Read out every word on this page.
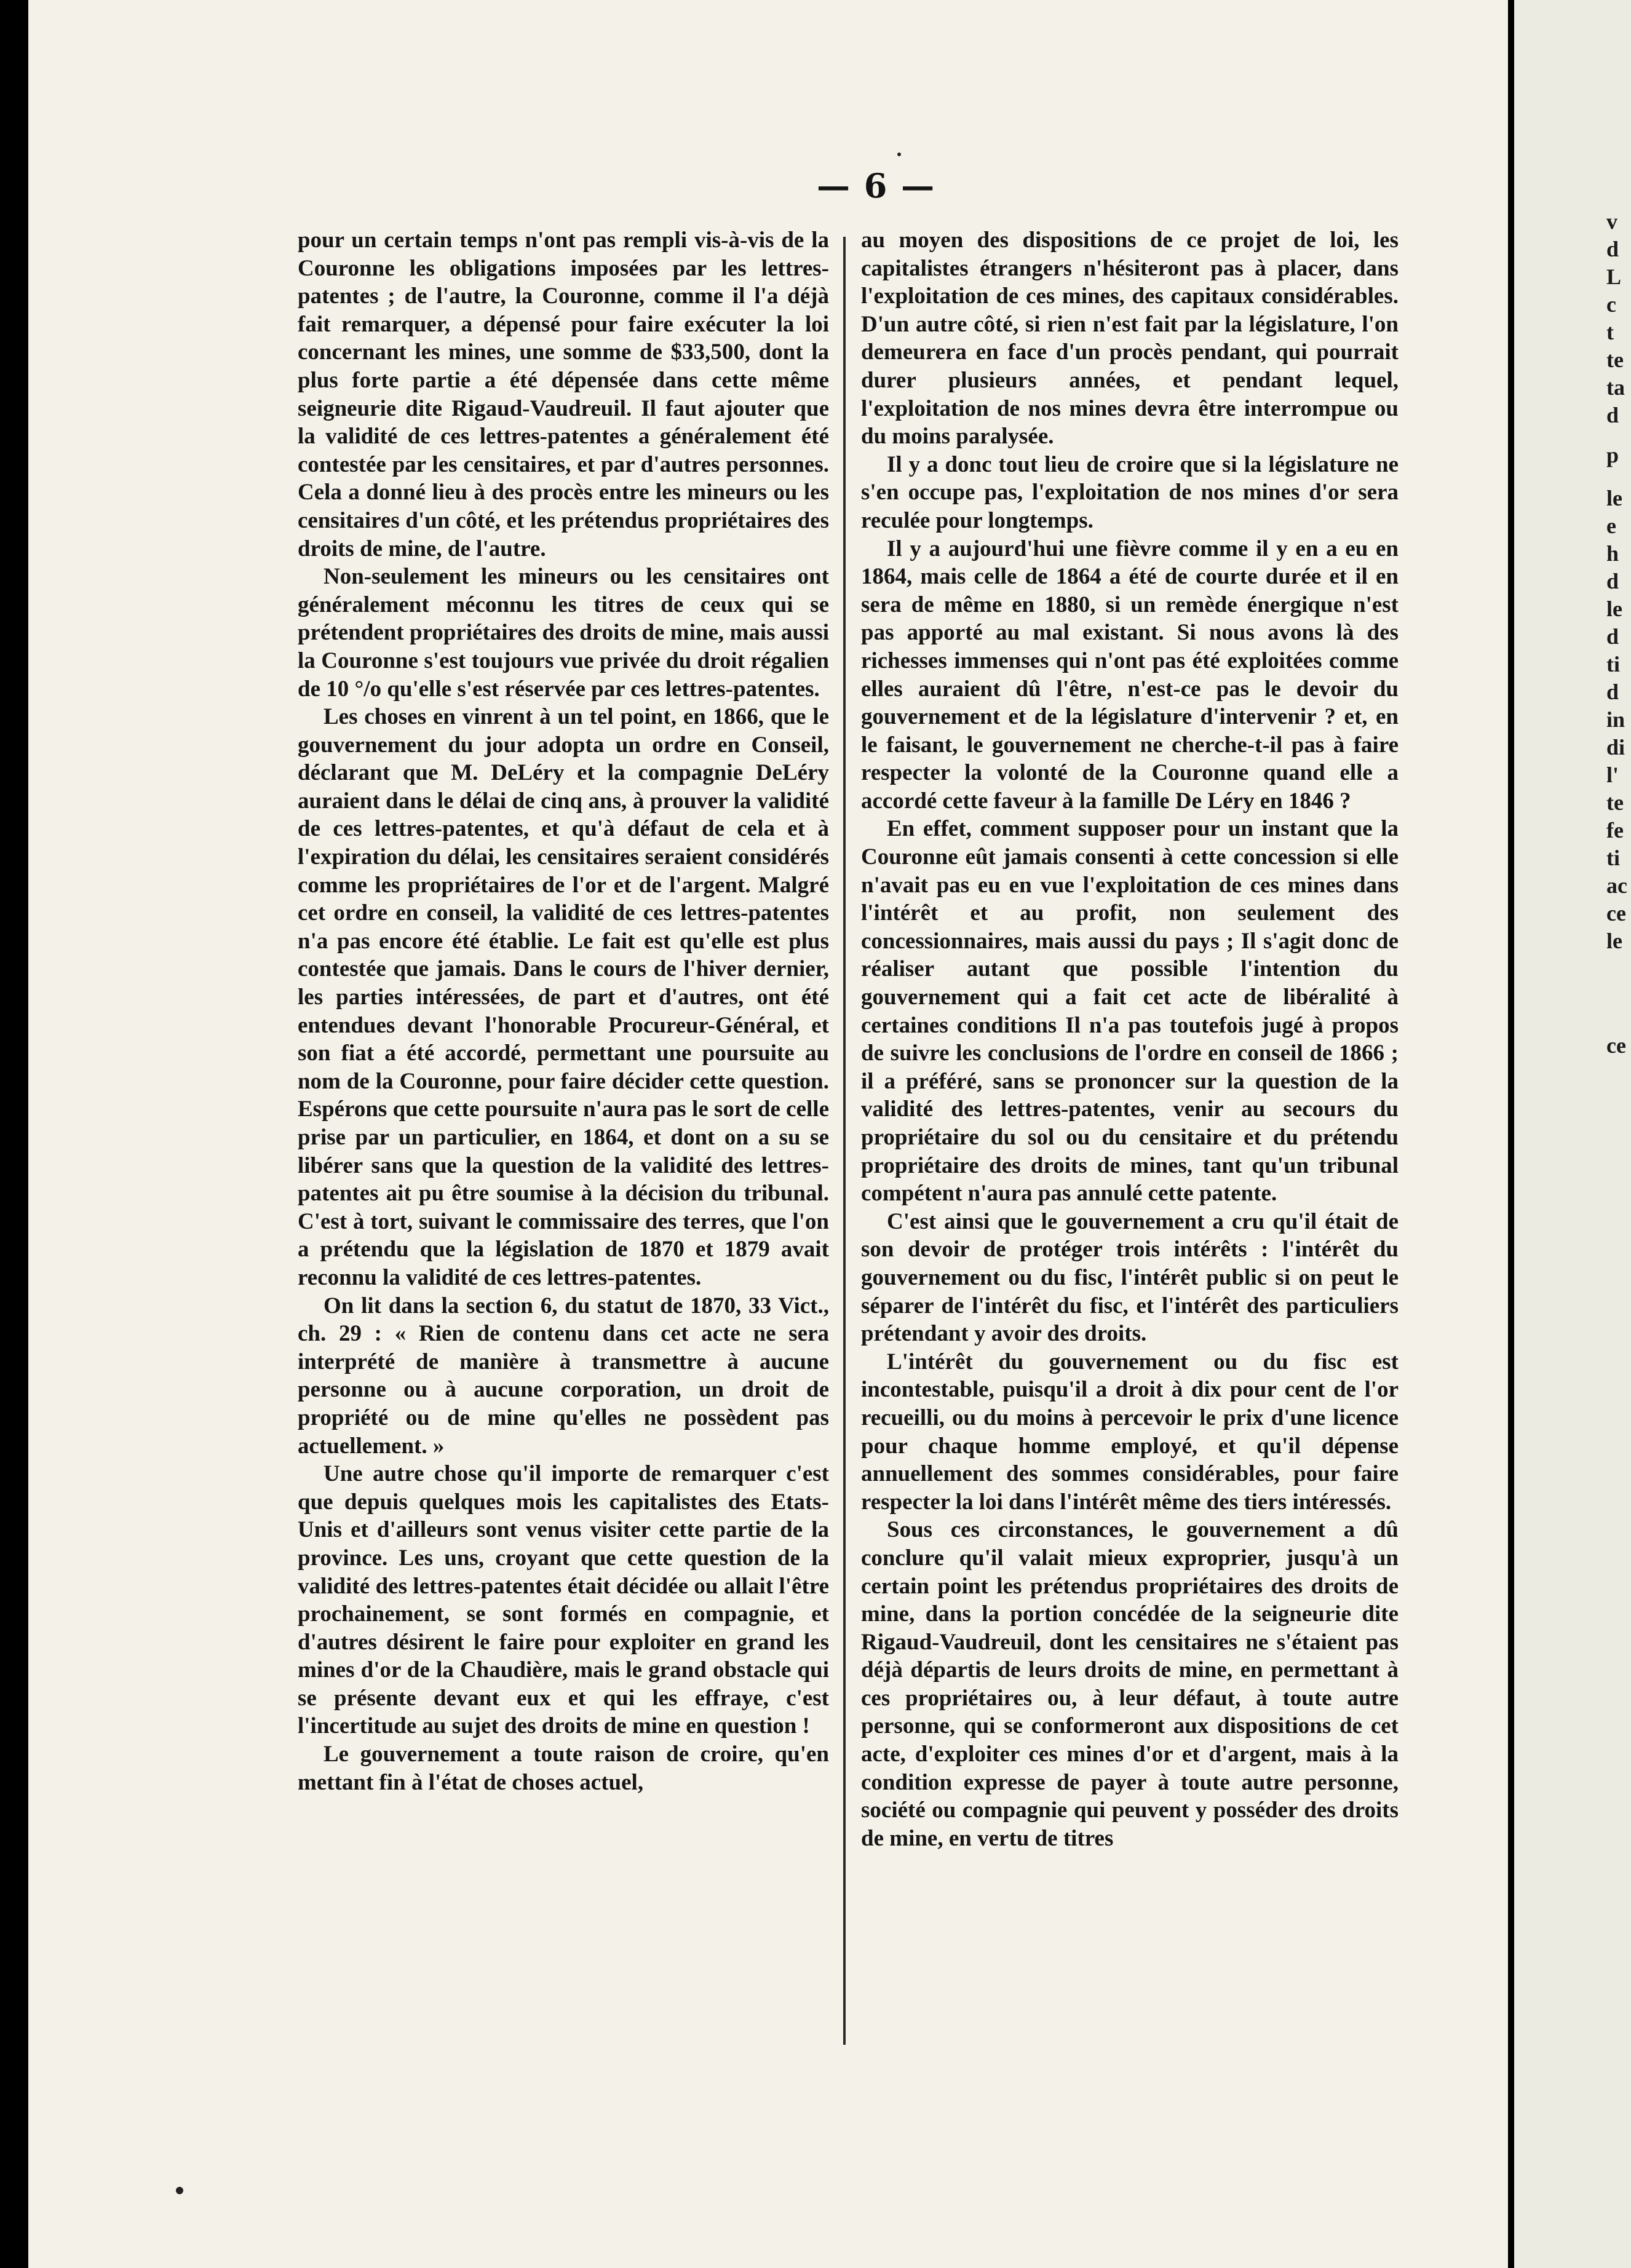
— 6 —

pour un certain temps n'ont pas rempli vis-à-vis de la Couronne les obligations imposées par les lettres-patentes ; de l'autre, la Couronne, comme il l'a déjà fait remarquer, a dépensé pour faire exécuter la loi concernant les mines, une somme de $33,500, dont la plus forte partie a été dépensée dans cette même seigneurie dite Rigaud-Vaudreuil. Il faut ajouter que la validité de ces lettres-patentes a généralement été contestée par les censitaires, et par d'autres personnes. Cela a donné lieu à des procès entre les mineurs ou les censitaires d'un côté, et les prétendus propriétaires des droits de mine, de l'autre.

Non-seulement les mineurs ou les censitaires ont généralement méconnu les titres de ceux qui se prétendent propriétaires des droits de mine, mais aussi la Couronne s'est toujours vue privée du droit régalien de 10 °/o qu'elle s'est réservée par ces lettres-patentes.

Les choses en vinrent à un tel point, en 1866, que le gouvernement du jour adopta un ordre en Conseil, déclarant que M. DeLéry et la compagnie DeLéry auraient dans le délai de cinq ans, à prouver la validité de ces lettres-patentes, et qu'à défaut de cela et à l'expiration du délai, les censitaires seraient considérés comme les propriétaires de l'or et de l'argent. Malgré cet ordre en conseil, la validité de ces lettres-patentes n'a pas encore été établie. Le fait est qu'elle est plus contestée que jamais. Dans le cours de l'hiver dernier, les parties intéressées, de part et d'autres, ont été entendues devant l'honorable Procureur-Général, et son fiat a été accordé, permettant une poursuite au nom de la Couronne, pour faire décider cette question. Espérons que cette poursuite n'aura pas le sort de celle prise par un particulier, en 1864, et dont on a su se libérer sans que la question de la validité des lettres-patentes ait pu être soumise à la décision du tribunal. C'est à tort, suivant le commissaire des terres, que l'on a prétendu que la législation de 1870 et 1879 avait reconnu la validité de ces lettres-patentes.

On lit dans la section 6, du statut de 1870, 33 Vict., ch. 29 : « Rien de contenu dans cet acte ne sera interprété de manière à transmettre à aucune personne ou à aucune corporation, un droit de propriété ou de mine qu'elles ne possèdent pas actuellement. »

Une autre chose qu'il importe de remarquer c'est que depuis quelques mois les capitalistes des Etats-Unis et d'ailleurs sont venus visiter cette partie de la province. Les uns, croyant que cette question de la validité des lettres-patentes était décidée ou allait l'être prochainement, se sont formés en compagnie, et d'autres désirent le faire pour exploiter en grand les mines d'or de la Chaudière, mais le grand obstacle qui se présente devant eux et qui les effraye, c'est l'incertitude au sujet des droits de mine en question !

Le gouvernement a toute raison de croire, qu'en mettant fin à l'état de choses actuel,

au moyen des dispositions de ce projet de loi, les capitalistes étrangers n'hésiteront pas à placer, dans l'exploitation de ces mines, des capitaux considérables. D'un autre côté, si rien n'est fait par la législature, l'on demeurera en face d'un procès pendant, qui pourrait durer plusieurs années, et pendant lequel, l'exploitation de nos mines devra être interrompue ou du moins paralysée.

Il y a donc tout lieu de croire que si la législature ne s'en occupe pas, l'exploitation de nos mines d'or sera reculée pour longtemps.

Il y a aujourd'hui une fièvre comme il y en a eu en 1864, mais celle de 1864 a été de courte durée et il en sera de même en 1880, si un remède énergique n'est pas apporté au mal existant. Si nous avons là des richesses immenses qui n'ont pas été exploitées comme elles auraient dû l'être, n'est-ce pas le devoir du gouvernement et de la législature d'intervenir ? et, en le faisant, le gouvernement ne cherche-t-il pas à faire respecter la volonté de la Couronne quand elle a accordé cette faveur à la famille De Léry en 1846 ?

En effet, comment supposer pour un instant que la Couronne eût jamais consenti à cette concession si elle n'avait pas eu en vue l'exploitation de ces mines dans l'intérêt et au profit, non seulement des concessionnaires, mais aussi du pays ; Il s'agit donc de réaliser autant que possible l'intention du gouvernement qui a fait cet acte de libéralité à certaines conditions Il n'a pas toutefois jugé à propos de suivre les conclusions de l'ordre en conseil de 1866 ; il a préféré, sans se prononcer sur la question de la validité des lettres-patentes, venir au secours du propriétaire du sol ou du censitaire et du prétendu propriétaire des droits de mines, tant qu'un tribunal compétent n'aura pas annulé cette patente.

C'est ainsi que le gouvernement a cru qu'il était de son devoir de protéger trois intérêts : l'intérêt du gouvernement ou du fisc, l'intérêt public si on peut le séparer de l'intérêt du fisc, et l'intérêt des particuliers prétendant y avoir des droits.

L'intérêt du gouvernement ou du fisc est incontestable, puisqu'il a droit à dix pour cent de l'or recueilli, ou du moins à percevoir le prix d'une licence pour chaque homme employé, et qu'il dépense annuellement des sommes considérables, pour faire respecter la loi dans l'intérêt même des tiers intéressés.

Sous ces circonstances, le gouvernement a dû conclure qu'il valait mieux exproprier, jusqu'à un certain point les prétendus propriétaires des droits de mine, dans la portion concédée de la seigneurie dite Rigaud-Vaudreuil, dont les censitaires ne s'étaient pas déjà départis de leurs droits de mine, en permettant à ces propriétaires ou, à leur défaut, à toute autre personne, qui se conformeront aux dispositions de cet acte, d'exploiter ces mines d'or et d'argent, mais à la condition expresse de payer à toute autre personne, société ou compagnie qui peuvent y posséder des droits de mine, en vertu de titres

v
d
L
c
t
te
ta
d
p
le
e
h
d
le
d
ti
d
in
di
l'
te
fe
ti
ac
ce
le
ce
